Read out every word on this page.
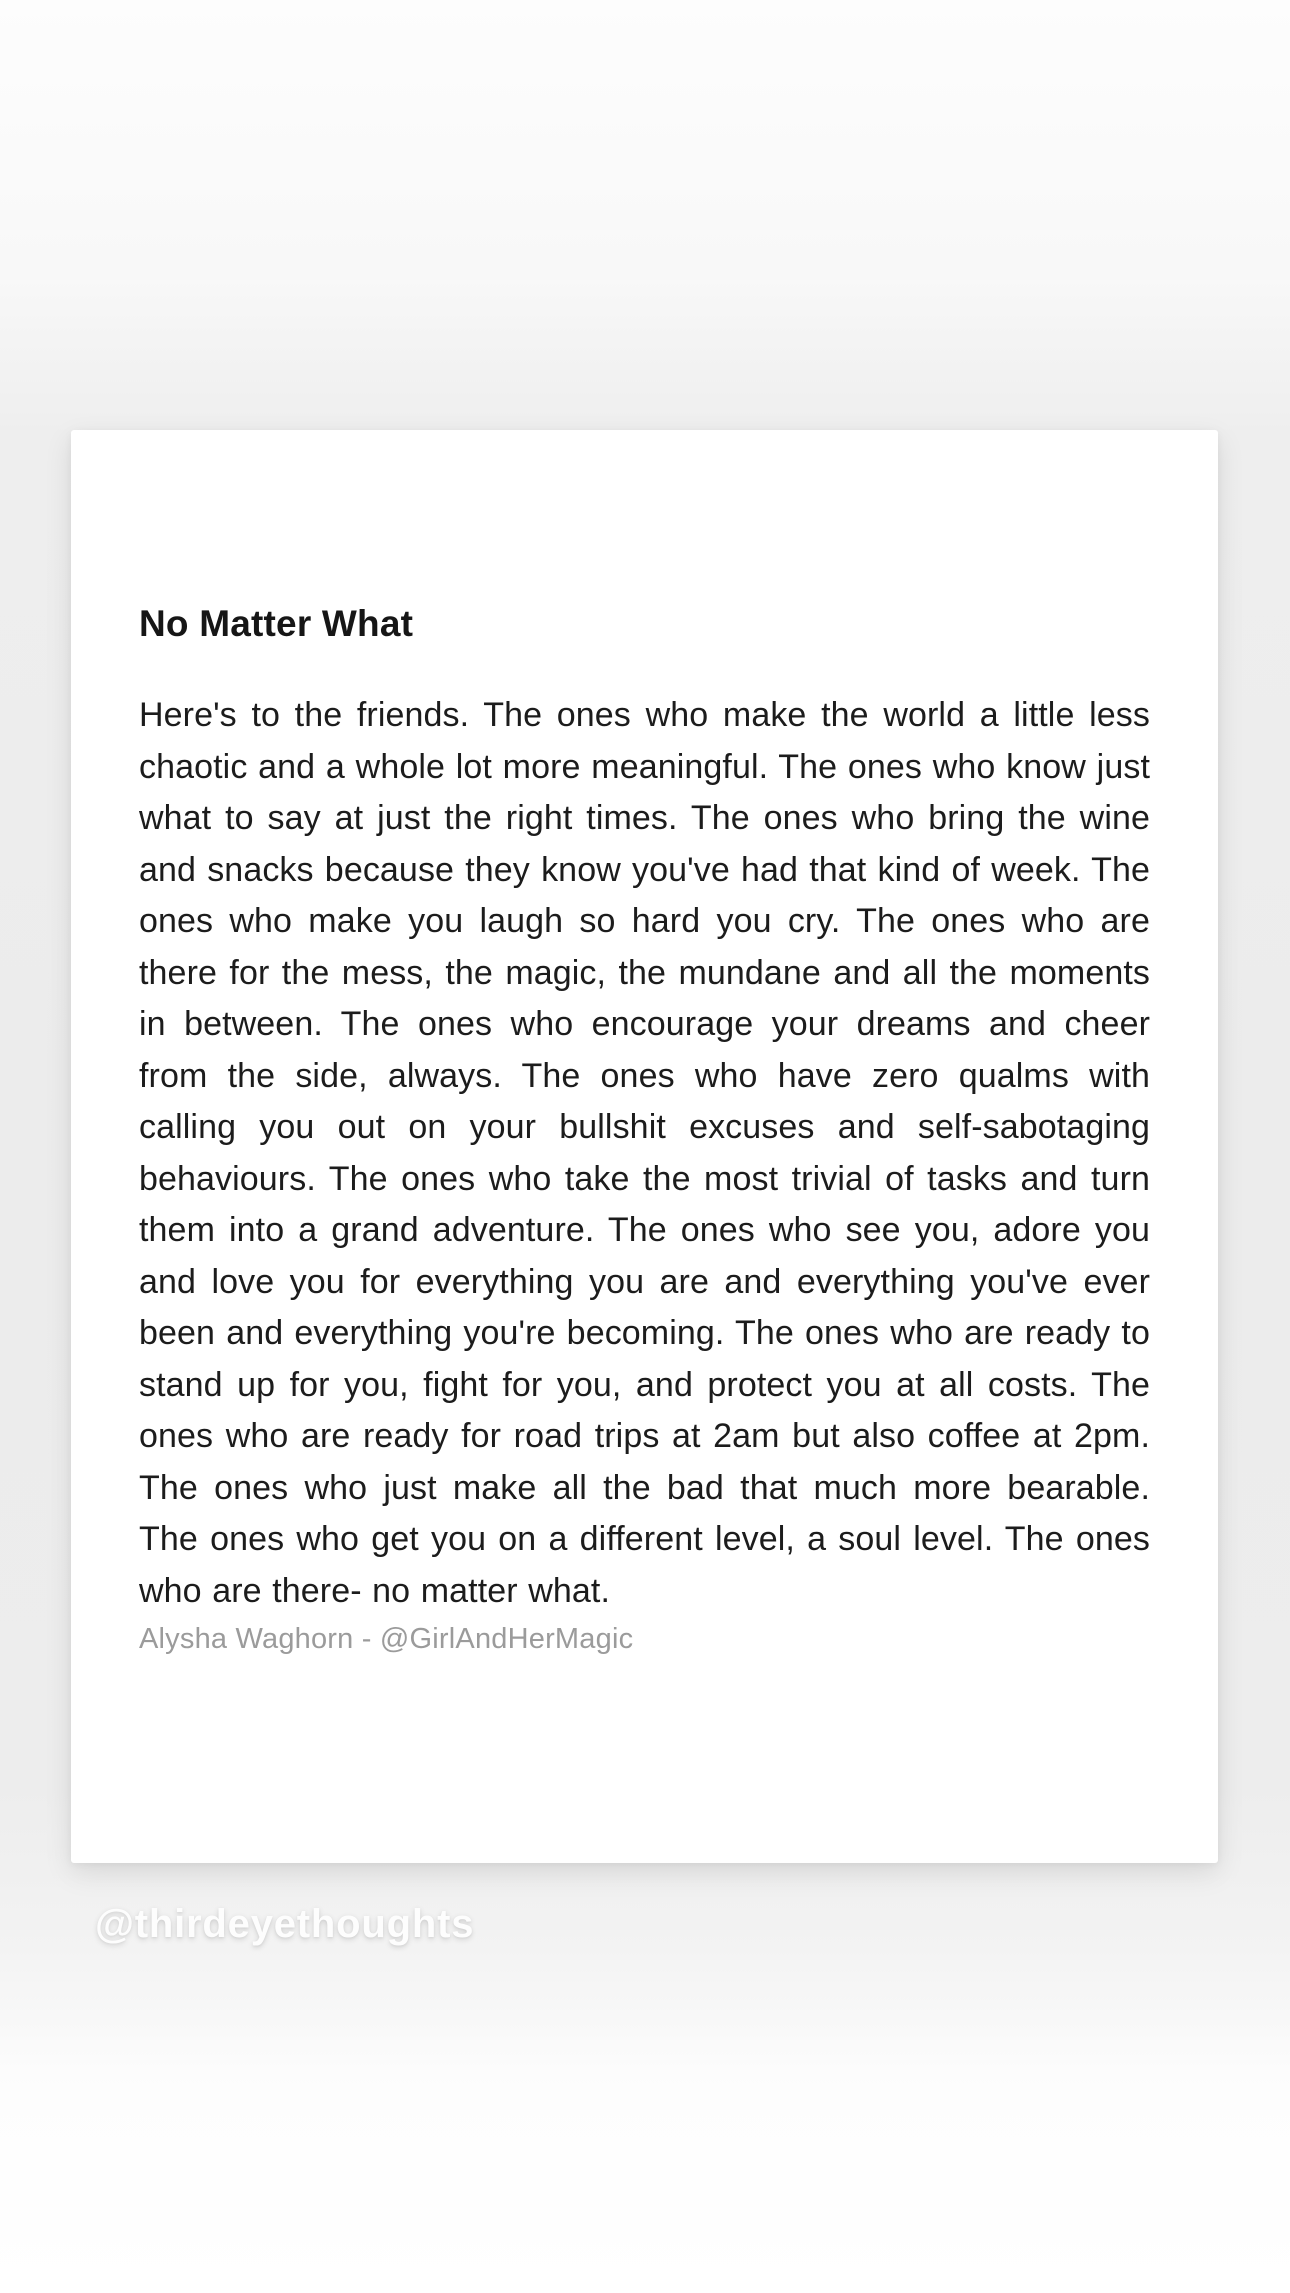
No Matter What

Here's to the friends. The ones who make the world a little less chaotic and a whole lot more meaningful. The ones who know just what to say at just the right times. The ones who bring the wine and snacks because they know you've had that kind of week. The ones who make you laugh so hard you cry. The ones who are there for the mess, the magic, the mundane and all the moments in between. The ones who encourage your dreams and cheer from the side, always. The ones who have zero qualms with calling you out on your bullshit excuses and self-sabotaging behaviours. The ones who take the most trivial of tasks and turn them into a grand adventure. The ones who see you, adore you and love you for everything you are and everything you've ever been and everything you're becoming. The ones who are ready to stand up for you, fight for you, and protect you at all costs. The ones who are ready for road trips at 2am but also coffee at 2pm. The ones who just make all the bad that much more bearable. The ones who get you on a different level, a soul level. The ones who are there- no matter what.

Alysha Waghorn - @GirlAndHerMagic

@thirdeyethoughts
